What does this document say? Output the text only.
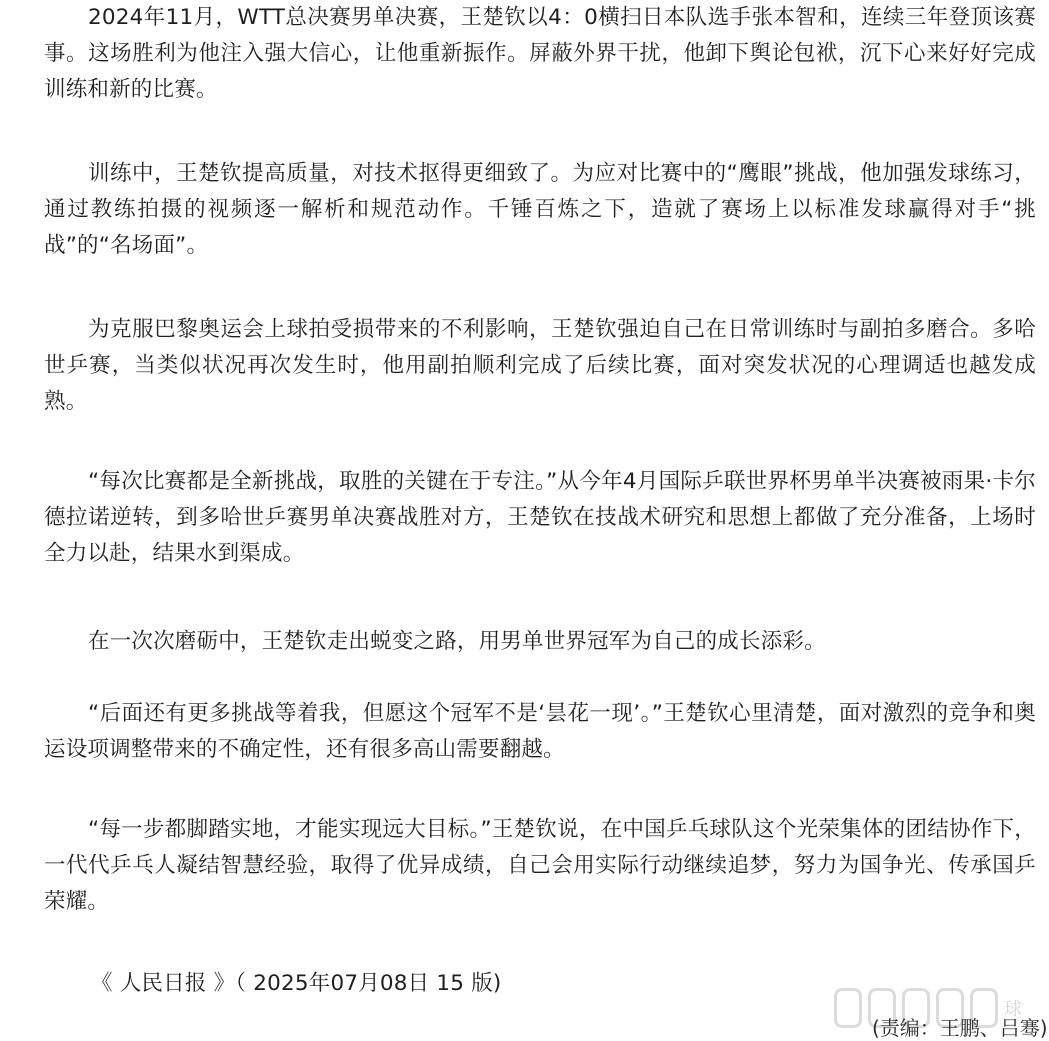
2024年11月，WTT总决赛男单决赛，王楚钦以4：0横扫日本队选手张本智和，连续三年登顶该赛事。这场胜利为他注入强大信心，让他重新振作。屏蔽外界干扰，他卸下舆论包袱，沉下心来好好完成训练和新的比赛。

训练中，王楚钦提高质量，对技术抠得更细致了。为应对比赛中的“鹰眼”挑战，他加强发球练习，通过教练拍摄的视频逐一解析和规范动作。千锤百炼之下，造就了赛场上以标准发球赢得对手“挑战”的“名场面”。

为克服巴黎奥运会上球拍受损带来的不利影响，王楚钦强迫自己在日常训练时与副拍多磨合。多哈世乒赛，当类似状况再次发生时，他用副拍顺利完成了后续比赛，面对突发状况的心理调适也越发成熟。

“每次比赛都是全新挑战，取胜的关键在于专注。”从今年4月国际乒联世界杯男单半决赛被雨果·卡尔德拉诺逆转，到多哈世乒赛男单决赛战胜对方，王楚钦在技战术研究和思想上都做了充分准备，上场时全力以赴，结果水到渠成。

在一次次磨砺中，王楚钦走出蜕变之路，用男单世界冠军为自己的成长添彩。

“后面还有更多挑战等着我，但愿这个冠军不是‘昙花一现’。”王楚钦心里清楚，面对激烈的竞争和奥运设项调整带来的不确定性，还有很多高山需要翻越。

“每一步都脚踏实地，才能实现远大目标。”王楚钦说，在中国乒乓球队这个光荣集体的团结协作下，一代代乒乓人凝结智慧经验，取得了优异成绩，自己会用实际行动继续追梦，努力为国争光、传承国乒荣耀。

《 人民日报 》（ 2025年07月08日 15 版)
球
(责编：王鹏、吕骞)
